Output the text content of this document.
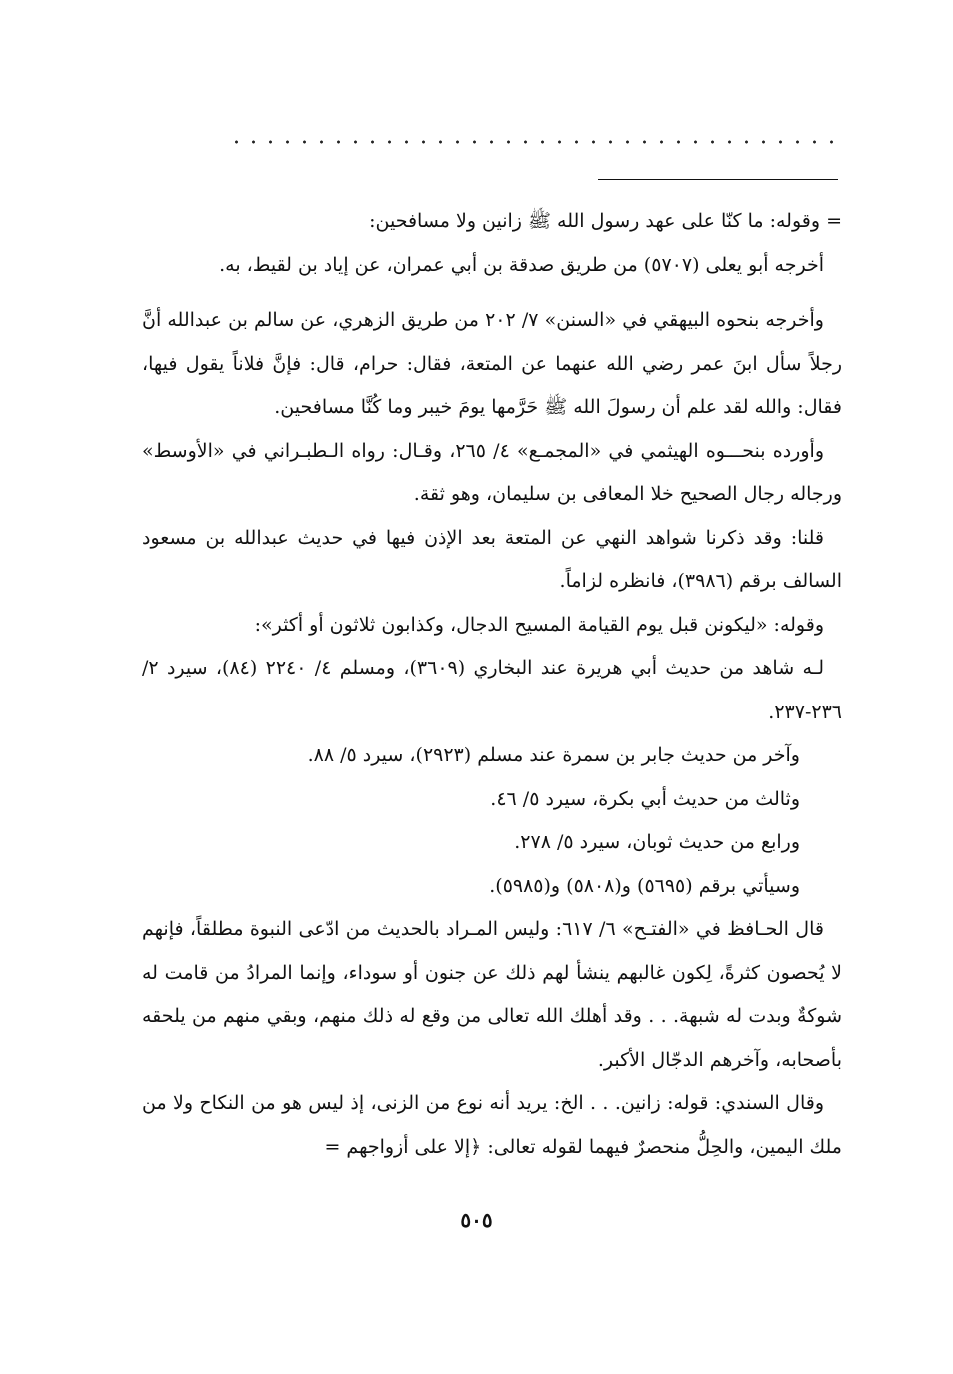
= وقوله: ما كنّا على عهد رسول الله ﷺ زانين ولا مسافحين:

أخرجه أبو يعلى (٥٧٠٧) من طريق صدقة بن أبي عمران، عن إياد بن لقيط، به.

وأخرجه بنحوه البيهقي في «السنن» ٧/ ٢٠٢ من طريق الزهري، عن سالم بن عبدالله أنَّ رجلاً سأل ابنَ عمر رضي الله عنهما عن المتعة، فقال: حرام، قال: فإنَّ فلاناً يقول فيها، فقال: والله لقد علم أن رسولَ الله ﷺ حَرَّمها يومَ خيبر وما كُنَّا مسافحين.

وأورده بنحـــوه الهيثمي في «المجمـع» ٤/ ٢٦٥، وقـال: رواه الـطبـراني في «الأوسط» ورجاله رجال الصحيح خلا المعافى بن سليمان، وهو ثقة.

قلنا: وقد ذكرنا شواهد النهي عن المتعة بعد الإذن فيها في حديث عبدالله بن مسعود السالف برقم (٣٩٨٦)، فانظره لزاماً.

وقوله: «ليكونن قبل يوم القيامة المسيح الدجال، وكذابون ثلاثون أو أكثر»:

لـه شاهد من حديث أبي هريرة عند البخاري (٣٦٠٩)، ومسلم ٤/ ٢٢٤٠ (٨٤)، سيرد ٢/ ٢٣٦-٢٣٧.

وآخر من حديث جابر بن سمرة عند مسلم (٢٩٢٣)، سيرد ٥/ ٨٨.

وثالث من حديث أبي بكرة، سيرد ٥/ ٤٦.

ورابع من حديث ثوبان، سيرد ٥/ ٢٧٨.

وسيأتي برقم (٥٦٩٥) و(٥٨٠٨) و(٥٩٨٥).

قال الحـافظ في «الفتـح» ٦/ ٦١٧: وليس المـراد بالحديث من ادّعى النبوة مطلقاً، فإنهم لا يُحصون كثرةً، لِكون غالبهم ينشأ لهم ذلك عن جنون أو سوداء، وإنما المرادُ من قامت له شوكةٌ وبدت له شبهة. . . وقد أهلك الله تعالى من وقع له ذلك منهم، وبقي منهم من يلحقه بأصحابه، وآخرهم الدجّال الأكبر.

وقال السندي: قوله: زانين. . . الخ: يريد أنه نوع من الزنى، إذ ليس هو من النكاح ولا من ملك اليمين، والحِلُّ منحصرٌ فيهما لقوله تعالى: ﴿إلا على أزواجهم =

٥٠٥
